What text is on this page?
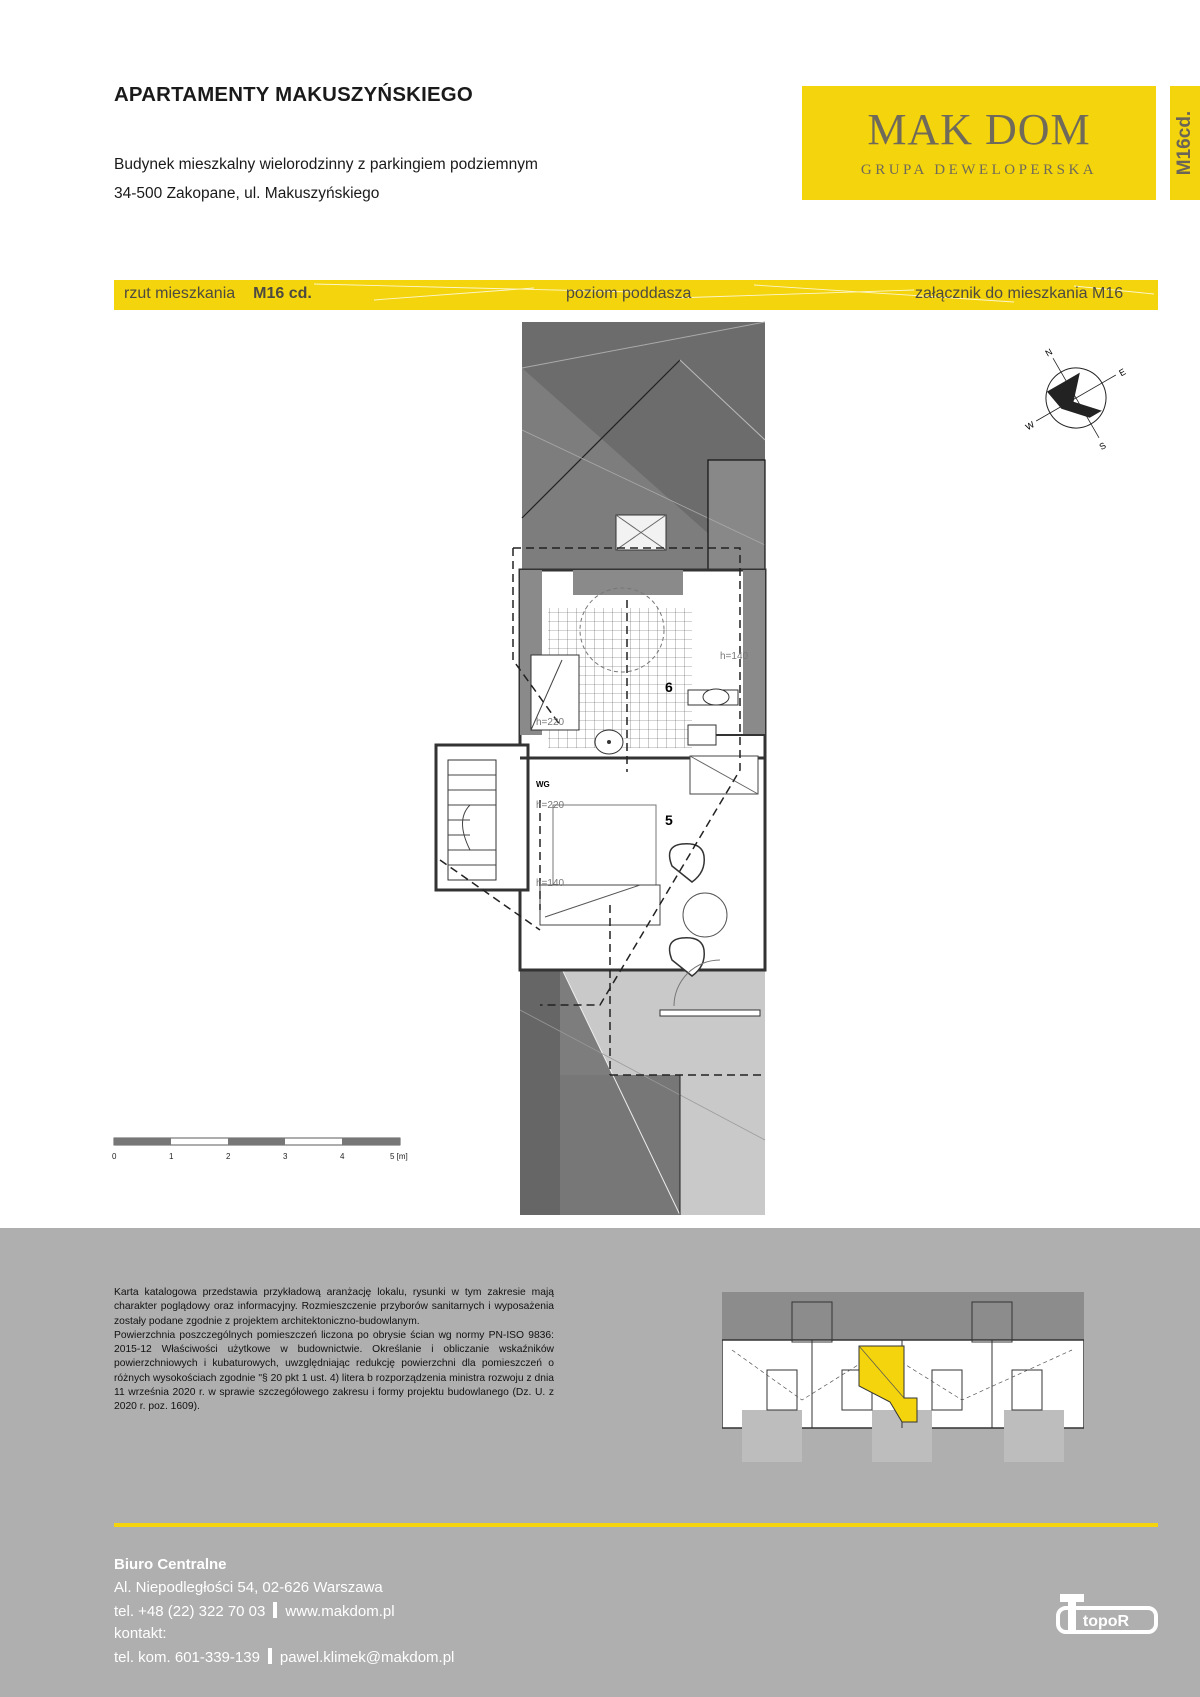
APARTAMENTY MAKUSZYŃSKIEGO
Budynek mieszkalny wielorodzinny z parkingiem podziemnym
34-500 Zakopane, ul. Makuszyńskiego
MAK DOM
GRUPA DEWELOPERSKA	M16cd.
rzut mieszkania M16 cd.	poziom poddasza	załącznik do mieszkania M16
6
5
h=140
h=220
h=220
h=140
WG
N
E
S
W
0	1	2	3	4	5 [m]

Karta katalogowa przedstawia przykładową aranżację lokalu, rysunki w tym zakresie mają charakter poglądowy oraz informacyjny. Rozmieszczenie przyborów sanitarnych i wyposażenia zostały podane zgodnie z projektem architektoniczno-budowlanym.

Powierzchnia poszczególnych pomieszczeń liczona po obrysie ścian wg normy PN-ISO 9836: 2015-12 Właściwości użytkowe w budownictwie. Określanie i obliczanie wskaźników powierzchniowych i kubaturowych, uwzględniając redukcję powierzchni dla pomieszczeń o różnych wysokościach zgodnie "§ 20 pkt 1 ust. 4) litera b rozporządzenia ministra rozwoju z dnia 11 września 2020 r. w sprawie szczegółowego zakresu i formy projektu budowlanego (Dz. U. z 2020 r. poz. 1609).

Biuro Centralne
Al. Niepodległości 54, 02-626 Warszawa
tel. +48 (22) 322 70 03 www.makdom.pl
kontakt:
tel. kom. 601-339-139 pawel.klimek@makdom.pl
topoR
